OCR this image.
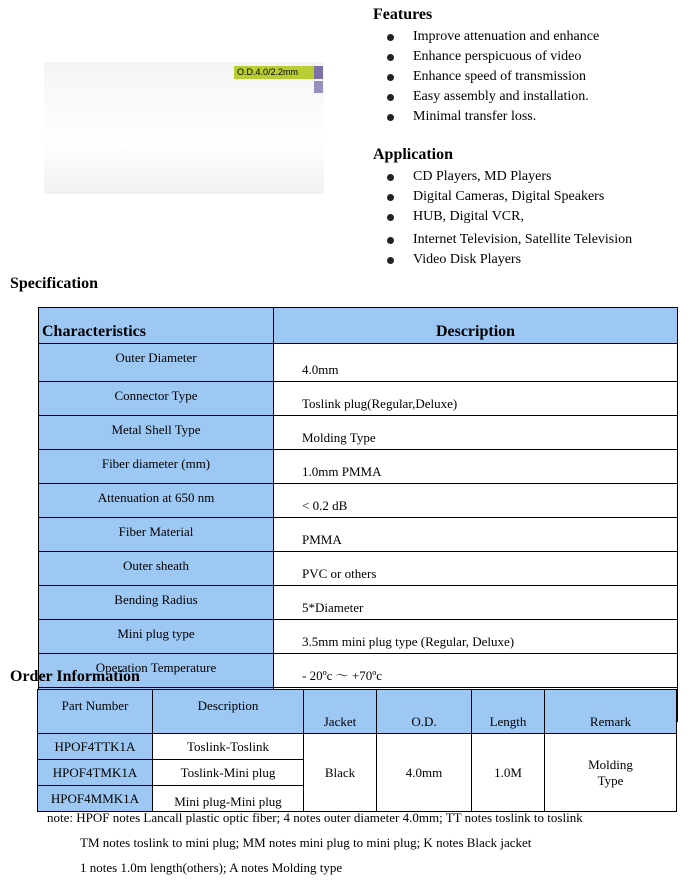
O.D.4.0/2.2mm
Features
Improve attenuation and enhance
Enhance perspicuous of video
Enhance speed of transmission
Easy assembly and installation.
Minimal transfer loss.
Application
CD Players, MD Players
Digital Cameras, Digital Speakers
HUB, Digital VCR,
Internet Television, Satellite Television
Video Disk Players
Specification
Characteristics	Description
Outer Diameter	4.0mm
Connector Type	Toslink plug(Regular,Deluxe)
Metal Shell Type	Molding Type
Fiber diameter (mm)	1.0mm PMMA
Attenuation at 650 nm	< 0.2 dB
Fiber Material	PMMA
Outer sheath	PVC or others
Bending Radius	5*Diameter
Mini plug type	3.5mm mini plug type (Regular, Deluxe)
Operation Temperature	- 20ºc ～ +70ºc

Order Information
Part Number	Description	Jacket	O.D.	Length	Remark
HPOF4TTK1A	Toslink-Toslink	Black	4.0mm	1.0M	Molding
Type

HPOF4TMK1A	Toslink-Mini plug				
HPOF4MMK1A	Mini plug-Mini plug				
note: HPOF notes Lancall plastic optic fiber; 4 notes outer diameter 4.0mm; TT notes toslink to toslink
TM notes toslink to mini plug; MM notes mini plug to mini plug; K notes Black jacket
1 notes 1.0m length(others); A notes Molding type
